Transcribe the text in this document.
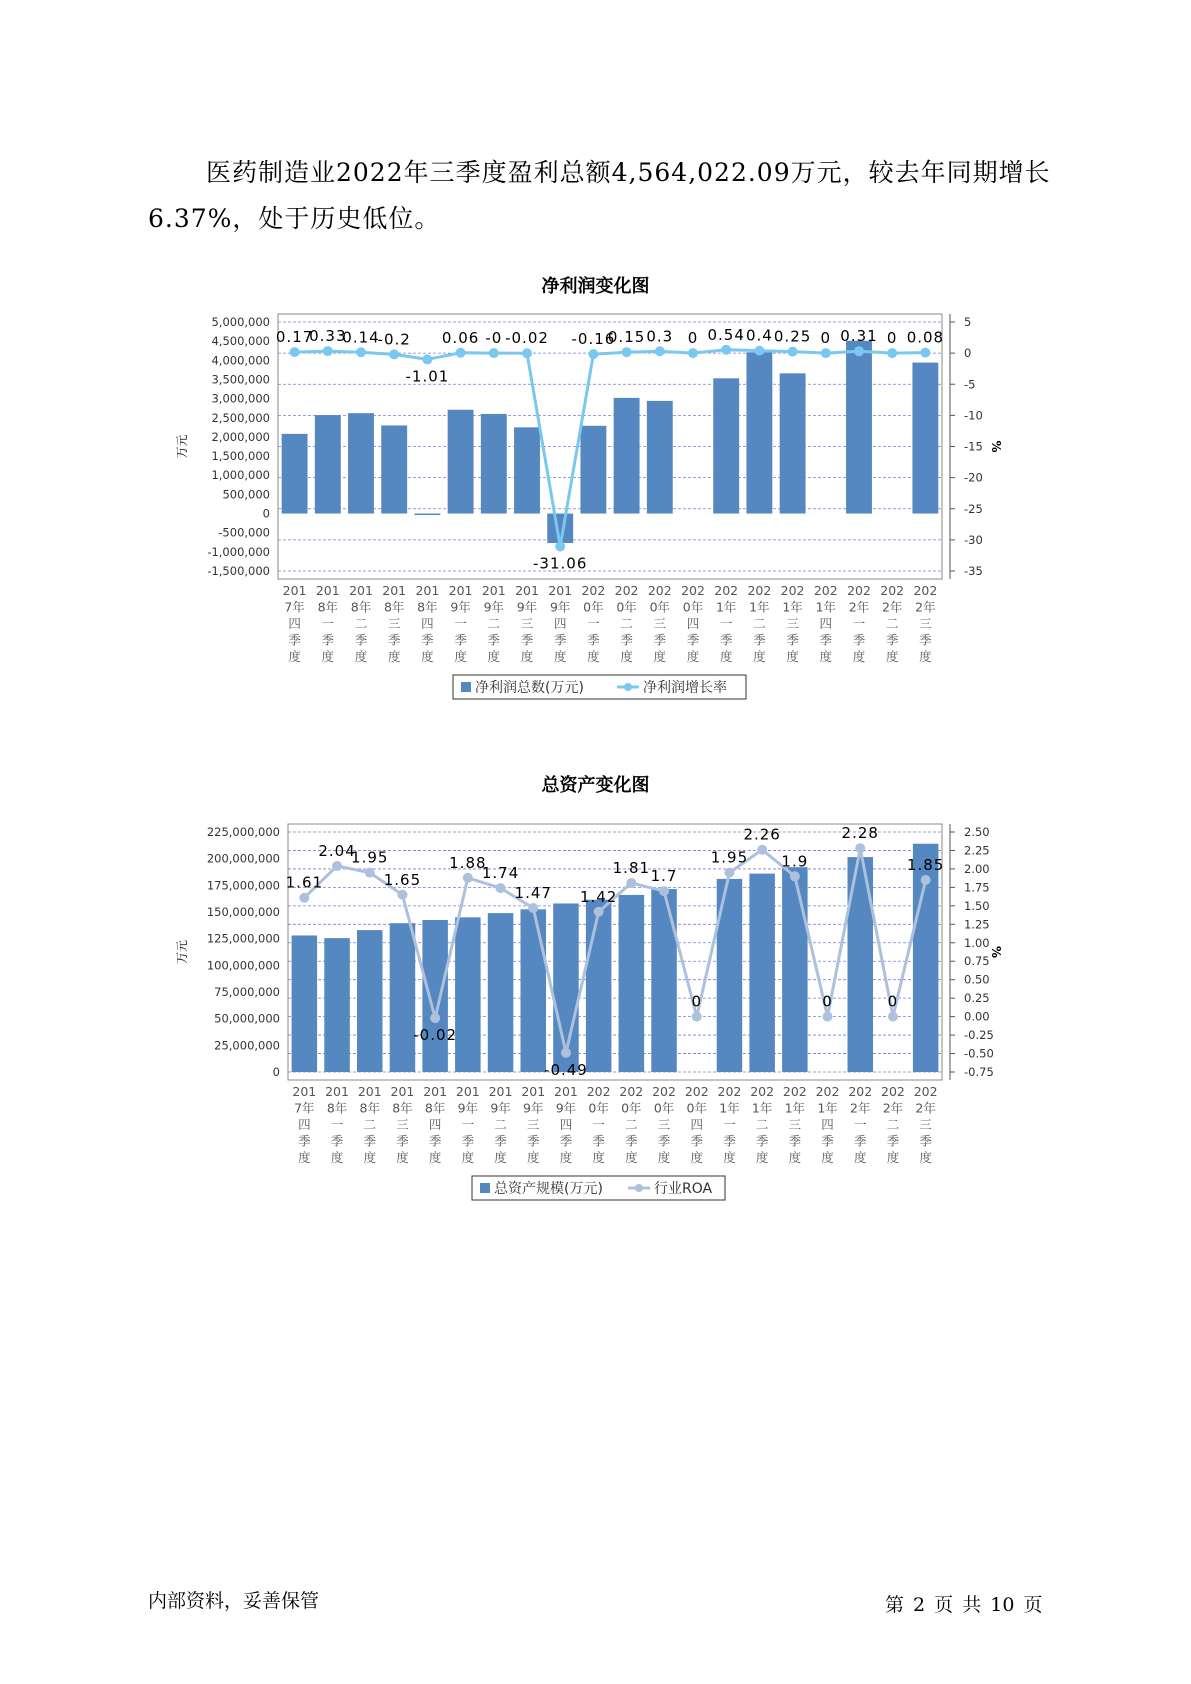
医药制造业2022年三季度盈利总额4,564,022.09万元，较去年同期增长6.37%，处于历史低位。

净利润变化图
5
0
-5
-10
-15
-20
-25
-30
-35
%
5,000,000
4,500,000
4,000,000
3,500,000
3,000,000
2,500,000
2,000,000
1,500,000
1,000,000
500,000
0
-500,000
-1,000,000
-1,500,000
万元
0.17
0.33
0.14
-0.2
-1.01
0.06 -0 -0.02
-31.06
-0.16
0.15 0.3 0 0.54 0.4 0.25 0 0.31 0 0.08
201 7年四季度
201 8年一季度
201 8年二季度
201 8年三季度
201 8年四季度
201 9年一季度
201 9年二季度
201 9年三季度
201 9年四季度
202 0年一季度
202 0年二季度
202 0年三季度
202 0年四季度
202 1年一季度
202 1年二季度
202 1年三季度
202 1年四季度
202 2年一季度
202 2年二季度
202 2年三季度
净利润总数(万元)	净利润增长率
总资产变化图
2.50
2.25
2.00
1.75
1.50
1.25
1.00
0.75
0.50
0.25
0.00
-0.25
-0.50
-0.75
%
225,000,000
200,000,000
175,000,000
150,000,000
125,000,000
100,000,000
75,000,000
50,000,000
25,000,000
0
万元
1.61
2.04
1.95
1.65
-0.02
1.88
1.74
1.47
-0.49
1.42
1.81 1.7
0
1.95
2.26
1.9
0
2.28
0
1.85
201 7年四季度
201 8年一季度
201 8年二季度
201 8年三季度
201 8年四季度
201 9年一季度
201 9年二季度
201 9年三季度
201 9年四季度
202 0年一季度
202 0年二季度
202 0年三季度
202 0年四季度
202 1年一季度
202 1年二季度
202 1年三季度
202 1年四季度
202 2年一季度
202 2年二季度
202 2年三季度
总资产规模(万元)	行业ROA
内部资料，妥善保管	第 2 页 共 10 页
